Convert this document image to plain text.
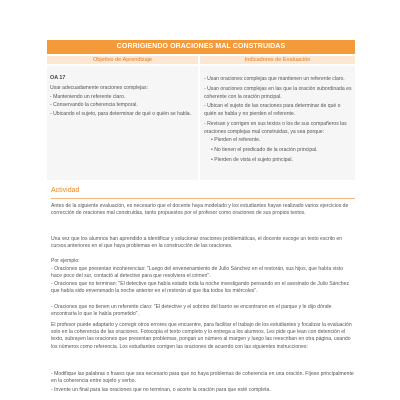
CORRIGIENDO ORACIONES MAL CONSTRUIDAS
Objetivo de Aprendizaje	Indicadores de Evaluación
OA 17
Usar adecuadamente oraciones complejas:
- Manteniendo un referente claro.
- Conservando la coherencia temporal.
- Ubicando el sujeto, para determinar de qué o quién se habla.
- Usan oraciones complejas que mantienen un referente claro.
- Usan oraciones complejas en las que la oración subordinada es coherente con la oración principal.
- Ubican el sujeto de las oraciones para determinar de qué o quién se habla y no pierden el referente.
- Revisan y corrigen en sus textos o los de sus compañeros las oraciones complejas mal construidas, ya sea porque:
• Pierden el referente.
• No tienen el predicado de la oración principal.
• Pierden de vista el sujeto principal.
Actividad

Antes de la siguiente evaluación, es necesario que el docente haya modelado y los estudiantes hayan realizado varios ejercicios de corrección de oraciones mal construidas, tanto propuestos por el profesor como oraciones de sus propios textos.

Una vez que los alumnos han aprendido a identificar y solucionar oraciones problemáticas, el docente escoge un texto escrito en cursos anteriores en el que haya problemas en la construcción de las oraciones.

Por ejemplo:

- Oraciones que presentan incoherencias: "Luego del envenenamiento de Julio Sánchez en el restorán, sus hijos, que había visto hace poco del sur, contactó al detective para que resolviera el crimen".

- Oraciones que no terminan: "El detective que había estado toda la noche investigando pensando en el asesinato de Julio Sánchez que había sido envenenado la noche anterior en el restorán al que iba todos los miércoles".

- Oraciones que no tienen un referente claro: "El detective y el sobrino del barrio se encontraron en el parque y le dijo dónde encontraría lo que le había prometido".

El profesor puede adaptarlo y corregir otros errores que encuentre, para facilitar el trabajo de los estudiantes y focalizar la evaluación solo en la coherencia de las oraciones. Fotocopia el texto completo y lo entrega a los alumnos. Les pide que lean con detención el texto, subrayen las oraciones que presentan problemas, pongan un número al margen y luego las reescriban en otra página, usando los números como referencia. Los estudiantes corrigen las oraciones de acuerdo con las siguientes instrucciones:

- Modifique las palabras o frases que sea necesario para que no haya problemas de coherencia en una oración. Fíjese principalmente en la coherencia entre sujeto y verbo.

- Invente un final para las oraciones que no terminan, o acorte la oración para que esté completa.
